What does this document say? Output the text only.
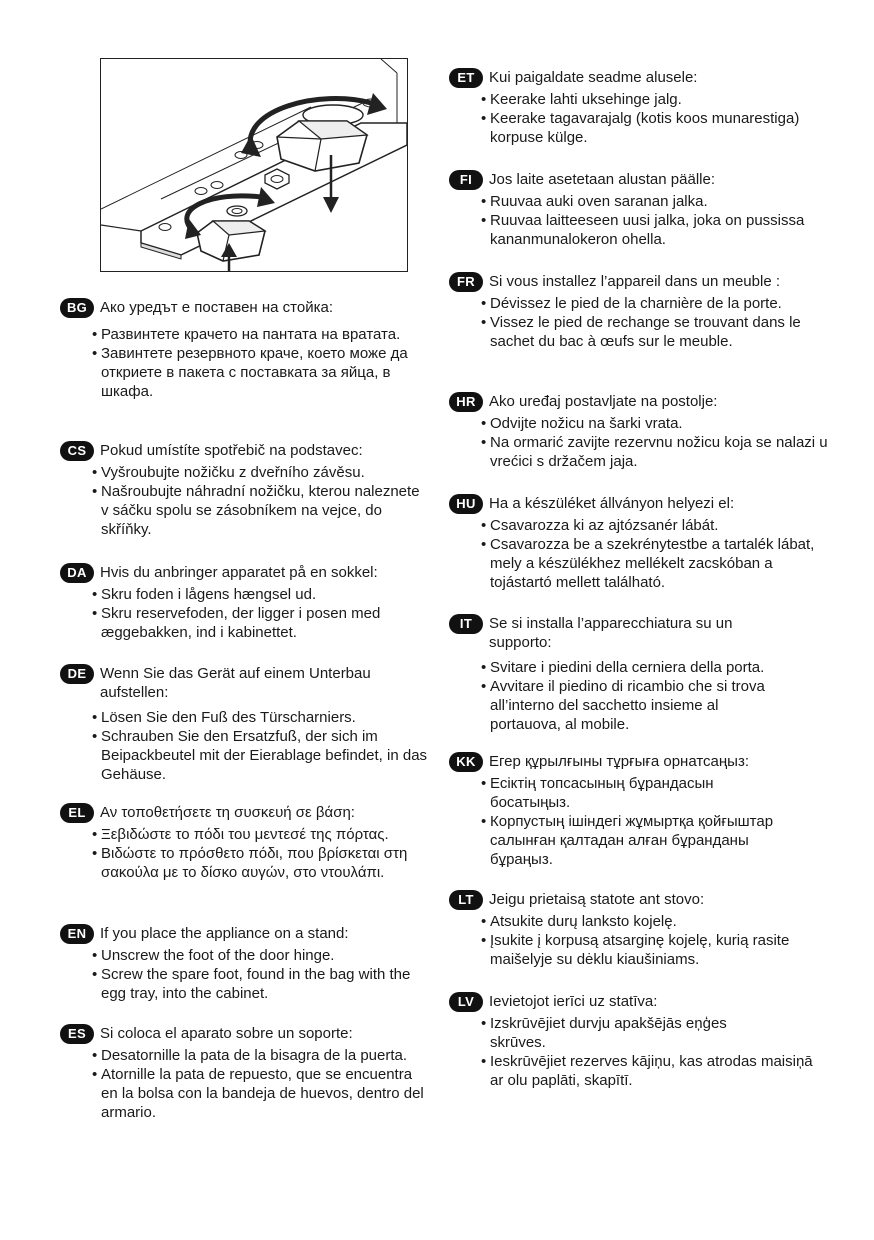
BG Ако уредът е поставен на стойка:
• Развинтете крачето на пантата на вратата.
• Завинтете резервното краче, което може да откриете в пакета с поставката за яйца, в шкафа.
CS Pokud umístíte spotřebič na podstavec:
• Vyšroubujte nožičku z dveřního závěsu.
• Našroubujte náhradní nožičku, kterou naleznete v sáčku spolu se zásobníkem na vejce, do skříňky.
DA Hvis du anbringer apparatet på en sokkel:
• Skru foden i lågens hængsel ud.
• Skru reservefoden, der ligger i posen med æggebakken, ind i kabinettet.
DE Wenn Sie das Gerät auf einem Unterbau aufstellen:
• Lösen Sie den Fuß des Türscharniers.
• Schrauben Sie den Ersatzfuß, der sich im Beipackbeutel mit der Eierablage befindet, in das Gehäuse.
EL Αν τοποθετήσετε τη συσκευή σε βάση:
• Ξεβιδώστε το πόδι του μεντεσέ της πόρτας.
• Βιδώστε το πρόσθετο πόδι, που βρίσκεται στη σακούλα με το δίσκο αυγών, στο ντουλάπι.
EN If you place the appliance on a stand:
• Unscrew the foot of the door hinge.
• Screw the spare foot, found in the bag with the egg tray, into the cabinet.
ES Si coloca el aparato sobre un soporte:
• Desatornille la pata de la bisagra de la puerta.
• Atornille la pata de repuesto, que se encuentra en la bolsa con la bandeja de huevos, dentro del armario.
ET Kui paigaldate seadme alusele:
• Keerake lahti uksehinge jalg.
• Keerake tagavarajalg (kotis koos munarestiga) korpuse külge.
FI	Jos laite asetetaan alustan päälle:
• Ruuvaa auki oven saranan jalka.
• Ruuvaa laitteeseen uusi jalka, joka on pussissa kananmunalokeron ohella.
FR Si vous installez l’appareil dans un meuble :
• Dévissez le pied de la charnière de la porte.
• Vissez le pied de rechange se trouvant dans le sachet du bac à œufs sur le meuble.
HR Ako uređaj postavljate na postolje:
• Odvijte nožicu na šarki vrata.
• Na ormarić zavijte rezervnu nožicu koja se nalazi u vrećici s držačem jaja.
HU Ha a készüléket állványon helyezi el:
• Csavarozza ki az ajtózsanér lábát.
• Csavarozza be a szekrénytestbe a tartalék lábat, mely a készülékhez mellékelt zacskóban a tojástartó mellett található.
IT	Se si installa l’apparecchiatura su un supporto:
• Svitare i piedini della cerniera della porta.
• Avvitare il piedino di ricambio che si trova all’interno del sacchetto insieme al portauova, al mobile.
KK Егер құрылғыны тұрғыға орнатсаңыз:
• Есіктің топсасының бұрандасын босатыңыз.
• Корпустың ішіндегі жұмыртқа қойғыштар салынған қалтадан алған бұранданы бұраңыз.
LT	Jeigu prietaisą statote ant stovo:
• Atsukite durų lanksto kojelę.
• Įsukite į korpusą atsarginę kojelę, kurią rasite maišelyje su dėklu kiaušiniams.
LV Ievietojot ierīci uz statīva:
• Izskrūvējiet durvju apakšējās eņģes skrūves.
• Ieskrūvējiet rezerves kājiņu, kas atrodas maisiņā ar olu paplāti, skapītī.
